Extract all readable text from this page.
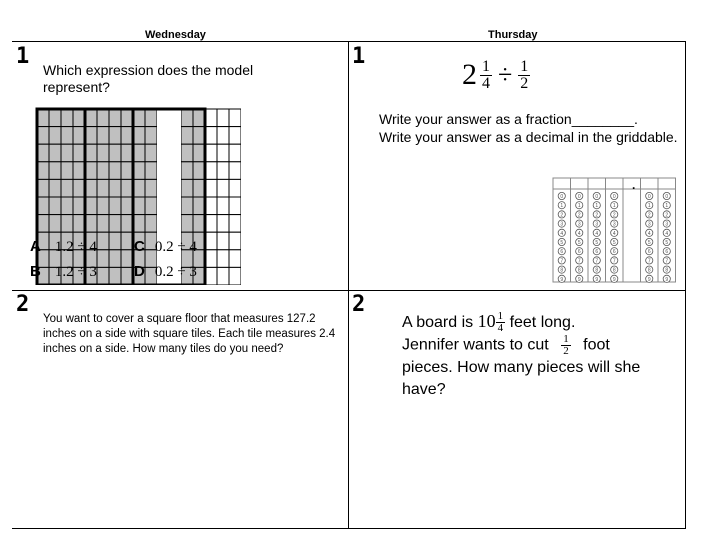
Wednesday	Thursday
1
Which expression does the model represent?
A 1.2 ÷ 4
B 1.2 ÷ 3
C 0.2 ÷ 4
D 0.2 ÷ 3
1
$2 \frac{1}{4} \div \frac{1}{2}$
Write your answer as a fraction________.
Write your answer as a decimal in the griddable.
0
1
2
3
4
5
6
7
8
9
0
1
2
3
4
5
6
7
8
9
0
1
2
3
4
5
6
7
8
9
0
1
2
3
4
5
6
7
8
9
0
1
2
3
4
5
6
7
8
9
0
1
2
3
4
5
6
7
8
9
.
2
You want to cover a square floor that measures 127.2 inches on a side with square tiles. Each tile measures 2.4 inches on a side. How many tiles do you need?
2
A board is $10 \frac{1}{4}$ feet long.
Jennifer wants to cut $\frac{1}{2}$ foot
pieces. How many pieces will she have?
